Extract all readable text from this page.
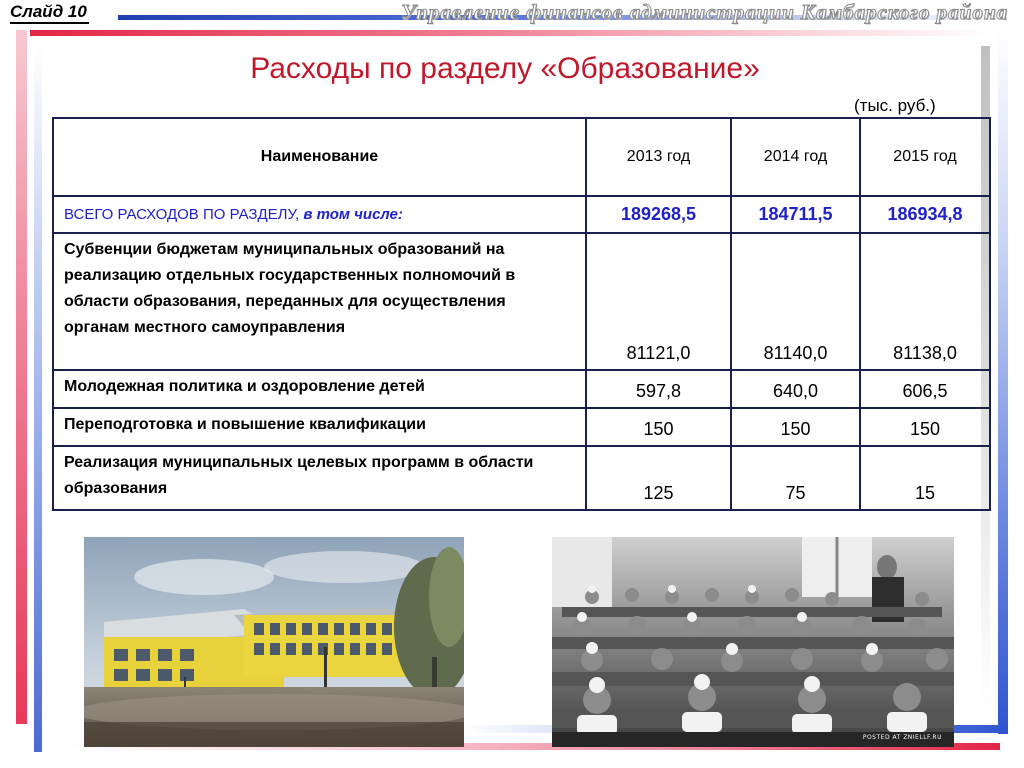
Слайд 10	Управление финансов администрации Камбарского района
Расходы по разделу «Образование»
(тыс. руб.)
Наименование	2013 год	2014 год	2015 год
ВСЕГО РАСХОДОВ ПО РАЗДЕЛУ, в том числе:	189268,5	184711,5	186934,8
Субвенции бюджетам муниципальных образований на реализацию отдельных государственных полномочий в области образования, переданных для осуществления органам местного самоуправления	81121,0	81140,0	81138,0
Молодежная политика и оздоровление детей	597,8	640,0	606,5
Переподготовка и повышение квалификации	150	150	150
Реализация муниципальных целевых программ в области образования	125	75	15
POSTED AT ZNIELLF.RU
